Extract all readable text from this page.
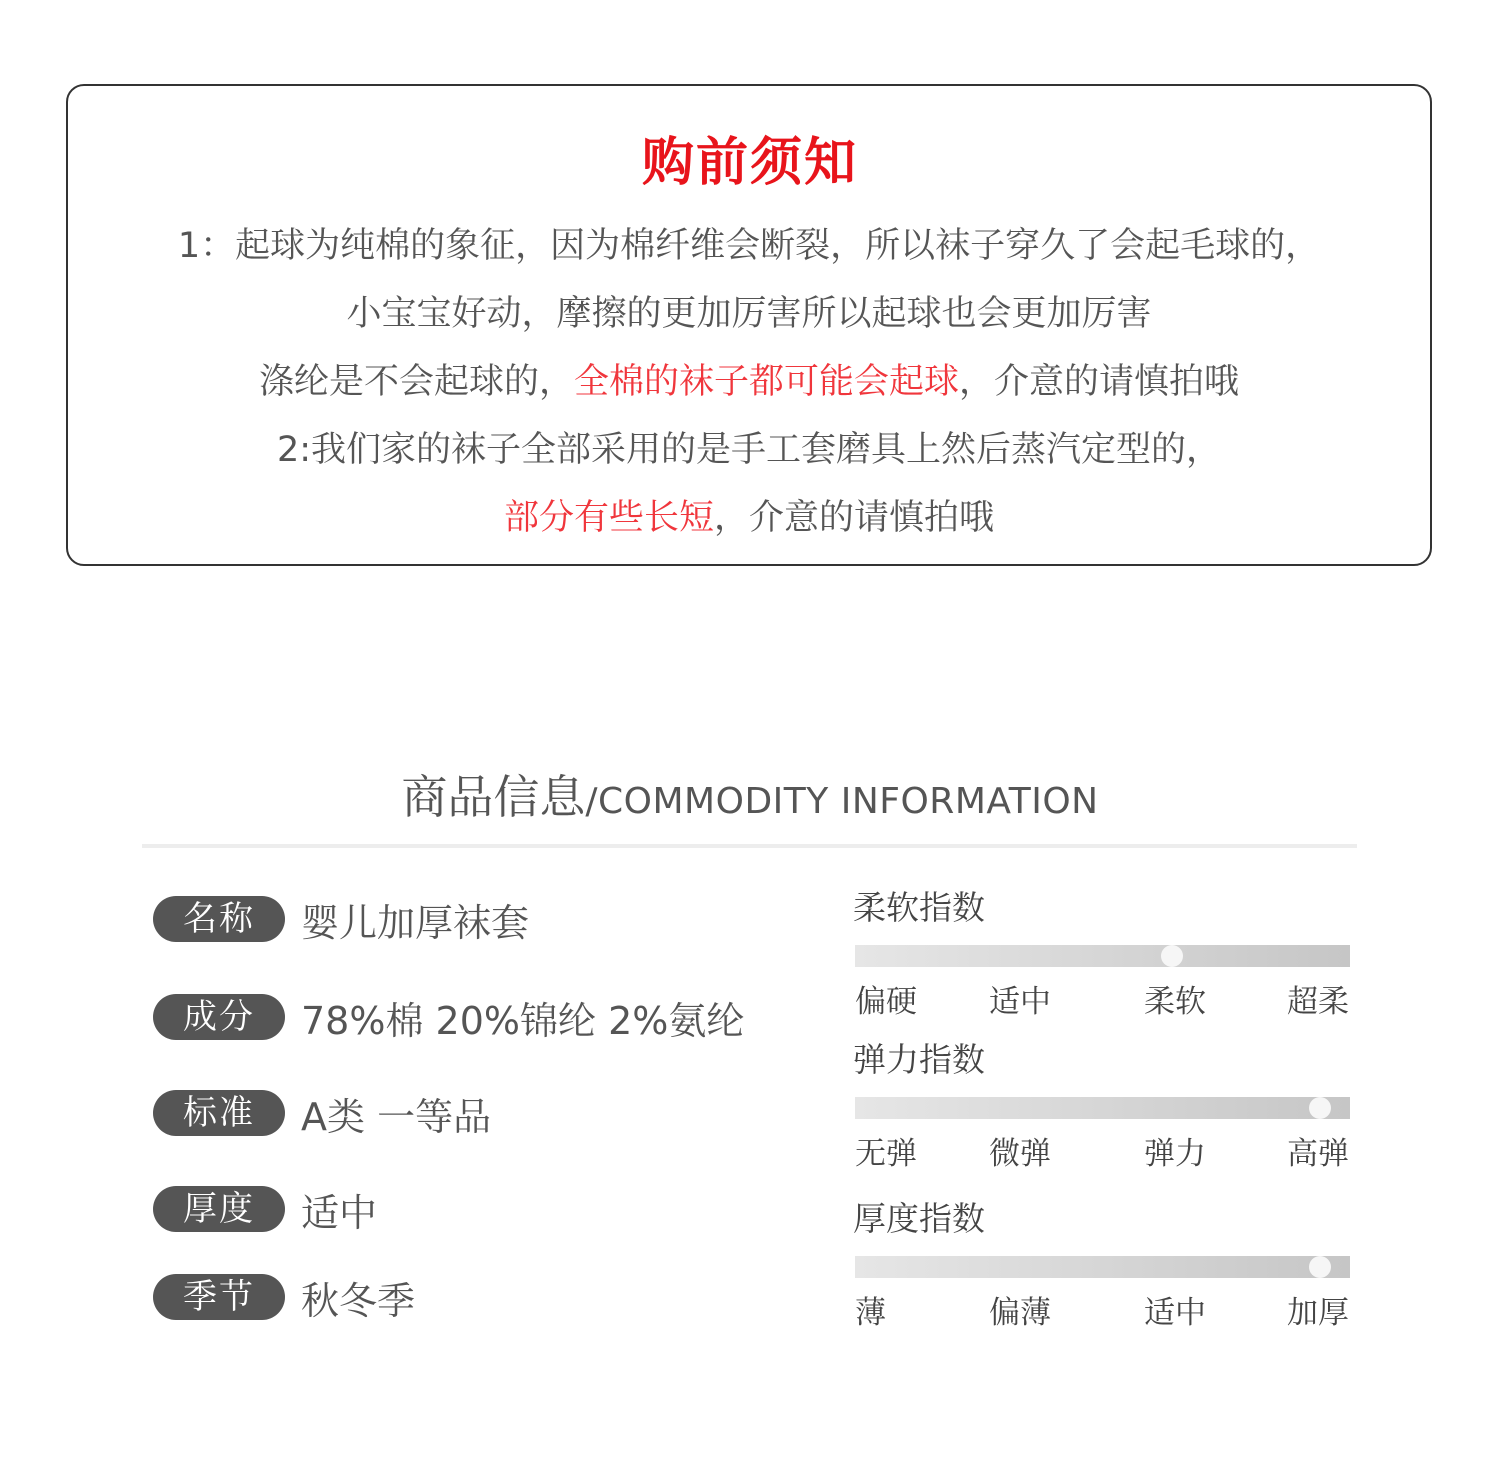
购前须知
1：起球为纯棉的象征，因为棉纤维会断裂，所以袜子穿久了会起毛球的，
小宝宝好动，摩擦的更加厉害所以起球也会更加厉害
涤纶是不会起球的，全棉的袜子都可能会起球，介意的请慎拍哦
2:我们家的袜子全部采用的是手工套磨具上然后蒸汽定型的，
部分有些长短，介意的请慎拍哦
商品信息/COMMODITY INFORMATION
名称	婴儿加厚袜套
成分	78%棉 20%锦纶 2%氨纶
标准	A类 一等品
厚度	适中
季节	秋冬季
柔软指数
偏硬 适中	柔软	超柔
弹力指数
无弹 微弹	弹力	高弹
厚度指数
薄	偏薄	适中	加厚
